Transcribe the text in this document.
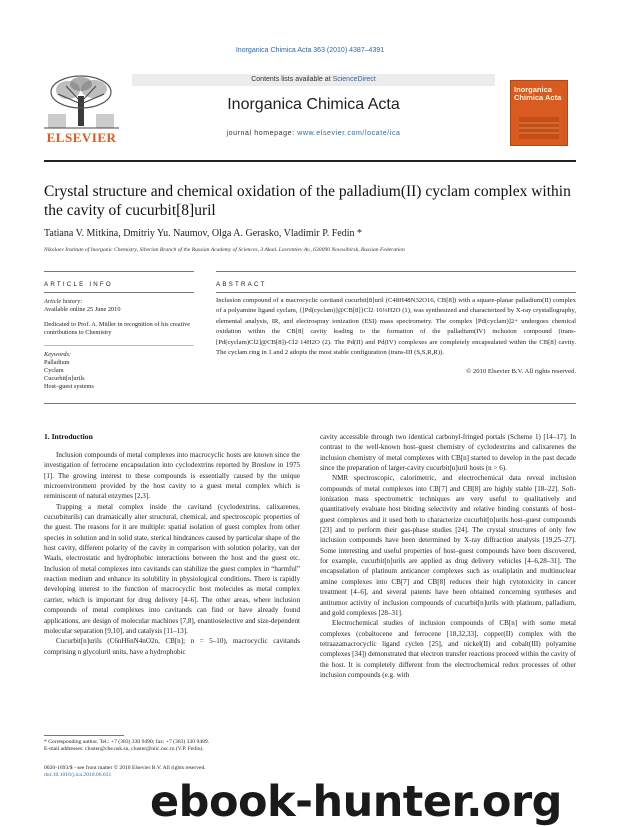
Inorganica Chimica Acta 363 (2010) 4387–4391
ELSEVIER
Contents lists available at ScienceDirect
Inorganica Chimica Acta
journal homepage: www.elsevier.com/locate/ica
Inorganica Chimica Acta
Crystal structure and chemical oxidation of the palladium(II) cyclam complex within the cavity of cucurbit[8]uril
Tatiana V. Mitkina, Dmitriy Yu. Naumov, Olga A. Gerasko, Vladimir P. Fedin *
Nikolaev Institute of Inorganic Chemistry, Siberian Branch of the Russian Academy of Sciences, 3 Akad. Lavrentiev Av., 630090 Novosibirsk, Russian Federation
ARTICLE INFO	ABSTRACT
Article history:
Available online 25 June 2010
Dedicated to Prof. A. Müller in recognition of his creative contributions to Chemistry
Keywords:
Palladium
Cyclam
Cucurbit[n]urils
Host–guest systems
Inclusion compound of a macrocyclic cavitand cucurbit[8]uril (C48H48N32O16, CB[8]) with a square-planar palladium(II) complex of a polyamine ligand cyclam, {[Pd(cyclam)]@CB[8]}Cl2·16⅓H2O (1), was synthesized and characterized by X-ray crystallography, elemental analysis, IR, and electrospray ionization (ESI) mass spectrometry. The complex [Pd(cyclam)]2+ undergoes chemical oxidation within the CB[8] cavity leading to the formation of the palladium(IV) inclusion compound (trans-[Pd(cyclam)Cl2]@CB[8])-Cl2·14H2O (2). The Pd(II) and Pd(IV) complexes are completely encapsulated within the CB[8] cavity. The cyclam ring in 1 and 2 adopts the most stable configuration (trans-III (S,S,R,R)).
© 2010 Elsevier B.V. All rights reserved.
1. Introduction

Inclusion compounds of metal complexes into macrocyclic hosts are known since the investigation of ferrocene encapsulation into cyclodextrins reported by Breslow in 1975 [1]. The growing interest to these compounds is essentially caused by the unique microenvironment provided by the host cavity to a guest metal complex which is reminiscent of natural enzymes [2,3].

Trapping a metal complex inside the cavitand (cyclodextrins, calixarenes, cucurbiturils) can dramatically alter structural, chemical, and spectroscopic properties of the guest. The reasons for it are multiple: spatial isolation of guest complex from other species in solution and in solid state, sterical hindrances caused by particular shape of the host cavity, different polarity of the cavity in comparison with solution polarity, van der Waals, electrostatic and hydrophobic interactions between the host and the guest etc. Inclusion of metal complexes into cavitands can stabilize the guest complex in “harmful” reaction medium and enhance its solubility in physiological conditions. There is rapidly developing interest to the function of macrocyclic host molecules as metal complex carrier, which is important for drug delivery [4–6]. The other areas, where inclusion compounds of metal complexes into cavitands can find or have already found applications, are design of molecular machines [7,8], enantioselective and size-dependent molecular separation [9,10], and catalysis [11–13].

Cucurbit[n]urils (C6nH6nN4nO2n, CB[n]; n = 5–10), macrocyclic cavitands comprising n glycoluril units, have a hydrophobic

cavity accessible through two identical carbonyl-fringed portals (Scheme 1) [14–17]. In contrast to the well-known host–guest chemistry of cyclodextrins and calixarenes the inclusion chemistry of metal complexes with CB[n] started to develop in the past decade since the preparation of larger-cavity cucurbit[n]uril hosts (n > 6).

NMR spectroscopic, calorimetric, and electrochemical data reveal inclusion compounds of metal complexes into CB[7] and CB[8] are highly stable [18–22]. Soft-ionization mass spectrometric techniques are very useful to qualitatively and quantitatively evaluate host binding selectivity and relative binding constants of host–guest complexes and it used both to characterize cucurbit[n]urils host–guest compounds [23] and to perform their gas-phase studies [24]. The crystal structures of only few inclusion compounds have been determined by X-ray diffraction analysis [19,25–27]. Some interesting and useful properties of host–guest compounds have been discovered, for example, cucurbit[n]urils are applied as drug delivery vehicles [4–6,28–31]. The encapsulation of platinum anticancer complexes such as oxaliplatin and multinuclear amine complexes into CB[7] and CB[8] reduces their high cytotoxicity in cancer treatment [4–6], and several patents have been obtained concerning syntheses and antitumor activity of inclusion compounds of cucurbit[n]urils with platinum, palladium, and gold complexes [28–31].

Electrochemical studies of inclusion compounds of CB[n] with some metal complexes (cobaltocene and ferrocene [18,32,33], copper(II) complex with the tetraazamacrocyclic ligand cyclen [25], and nickel(II) and cobalt(III) polyamine complexes [34]) demonstrated that electron transfer reactions proceed within the cavity of the host. It is completely different from the electrochemical redox processes of other inclusion compounds (e.g. with

* Corresponding author. Tel.: +7 (383) 330 9490; fax: +7 (383) 330 9489.
E-mail addresses: cluster@che.nsk.su, cluster@niic.nsc.ru (V.P. Fedin).
0020-1693/$ - see front matter © 2010 Elsevier B.V. All rights reserved.
doi:10.1016/j.ica.2010.06.031
ebook-hunter.org
